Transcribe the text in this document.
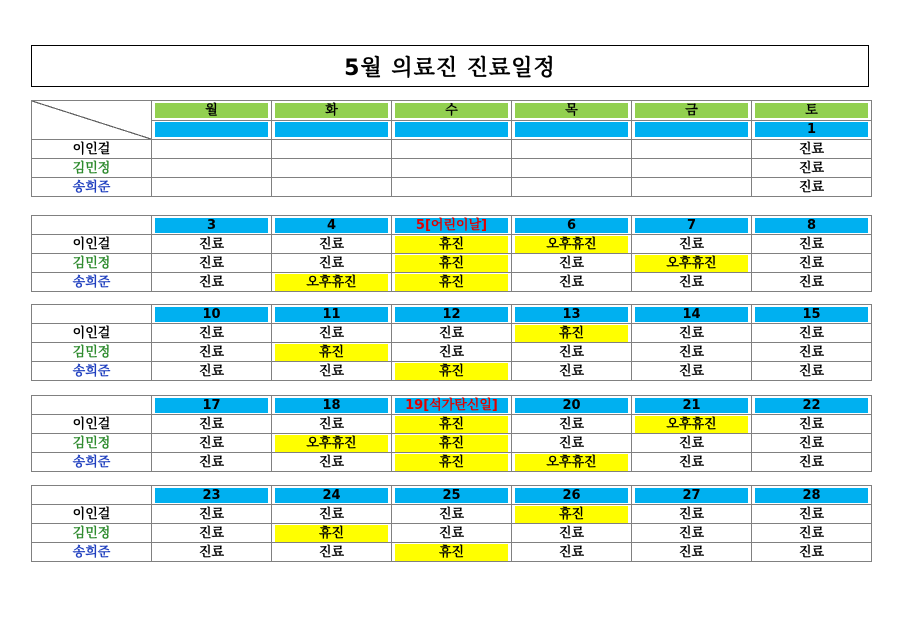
5월 의료진 진료일정

	월	화	수	목	금	토

						1

이인걸						진료
김민정						진료
송희준						진료

	3	4	5[어린이날]	6	7	8

이인걸	진료	진료	휴진	오후휴진	진료	진료
김민정	진료	진료	휴진	진료	오후휴진	진료
송희준	진료	오후휴진	휴진	진료	진료	진료

	10	11	12	13	14	15

이인걸	진료	진료	진료	휴진	진료	진료
김민정	진료	휴진	진료	진료	진료	진료
송희준	진료	진료	휴진	진료	진료	진료

	17	18	19[석가탄신일]	20	21	22

이인걸	진료	진료	휴진	진료	오후휴진	진료
김민정	진료	오후휴진	휴진	진료	진료	진료
송희준	진료	진료	휴진	오후휴진	진료	진료

	23	24	25	26	27	28

이인걸	진료	진료	진료	휴진	진료	진료
김민정	진료	휴진	진료	진료	진료	진료
송희준	진료	진료	휴진	진료	진료	진료
